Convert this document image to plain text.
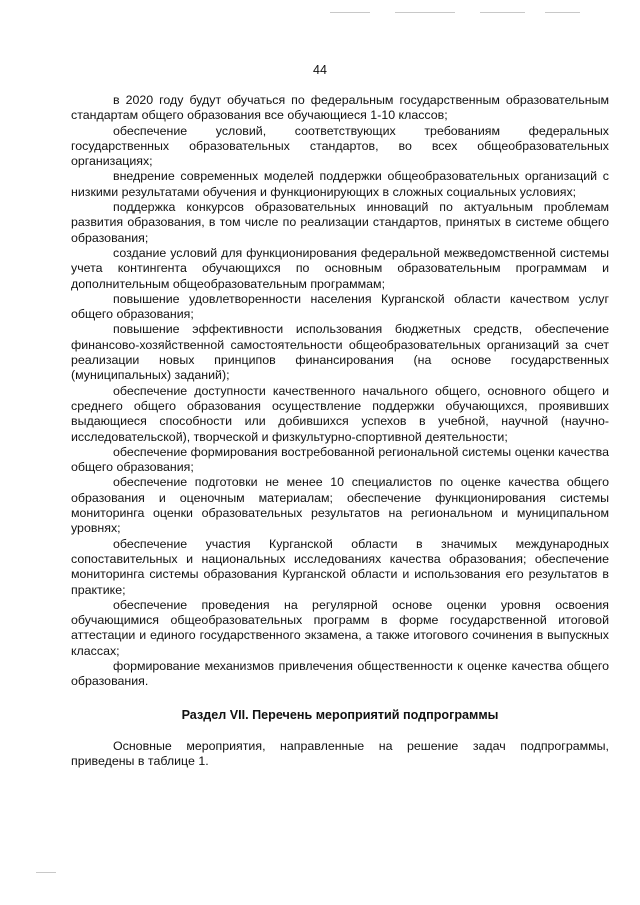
44

в 2020 году будут обучаться по федеральным государственным образовательным стандартам общего образования все обучающиеся 1-10 классов;

обеспечение условий, соответствующих требованиям федеральных государственных образовательных стандартов, во всех общеобразовательных организациях;

внедрение современных моделей поддержки общеобразовательных организаций с низкими результатами обучения и функционирующих в сложных социальных условиях;

поддержка конкурсов образовательных инноваций по актуальным проблемам развития образования, в том числе по реализации стандартов, принятых в системе общего образования;

создание условий для функционирования федеральной межведомственной системы учета контингента обучающихся по основным образовательным программам и дополнительным общеобразовательным программам;

повышение удовлетворенности населения Курганской области качеством услуг общего образования;

повышение эффективности использования бюджетных средств, обеспечение финансово-хозяйственной самостоятельности общеобразовательных организаций за счет реализации новых принципов финансирования (на основе государственных (муниципальных) заданий);

обеспечение доступности качественного начального общего, основного общего и среднего общего образования осуществление поддержки обучающихся, проявивших выдающиеся способности или добившихся успехов в учебной, научной (научно-исследовательской), творческой и физкультурно-спортивной деятельности;

обеспечение формирования востребованной региональной системы оценки качества общего образования;

обеспечение подготовки не менее 10 специалистов по оценке качества общего образования и оценочным материалам; обеспечение функционирования системы мониторинга оценки образовательных результатов на региональном и муниципальном уровнях;

обеспечение участия Курганской области в значимых международных сопоставительных и национальных исследованиях качества образования; обеспечение мониторинга системы образования Курганской области и использования его результатов в практике;

обеспечение проведения на регулярной основе оценки уровня освоения обучающимися общеобразовательных программ в форме государственной итоговой аттестации и единого государственного экзамена, а также итогового сочинения в выпускных классах;

формирование механизмов привлечения общественности к оценке качества общего образования.

Раздел VII. Перечень мероприятий подпрограммы

Основные мероприятия, направленные на решение задач подпрограммы, приведены в таблице 1.
